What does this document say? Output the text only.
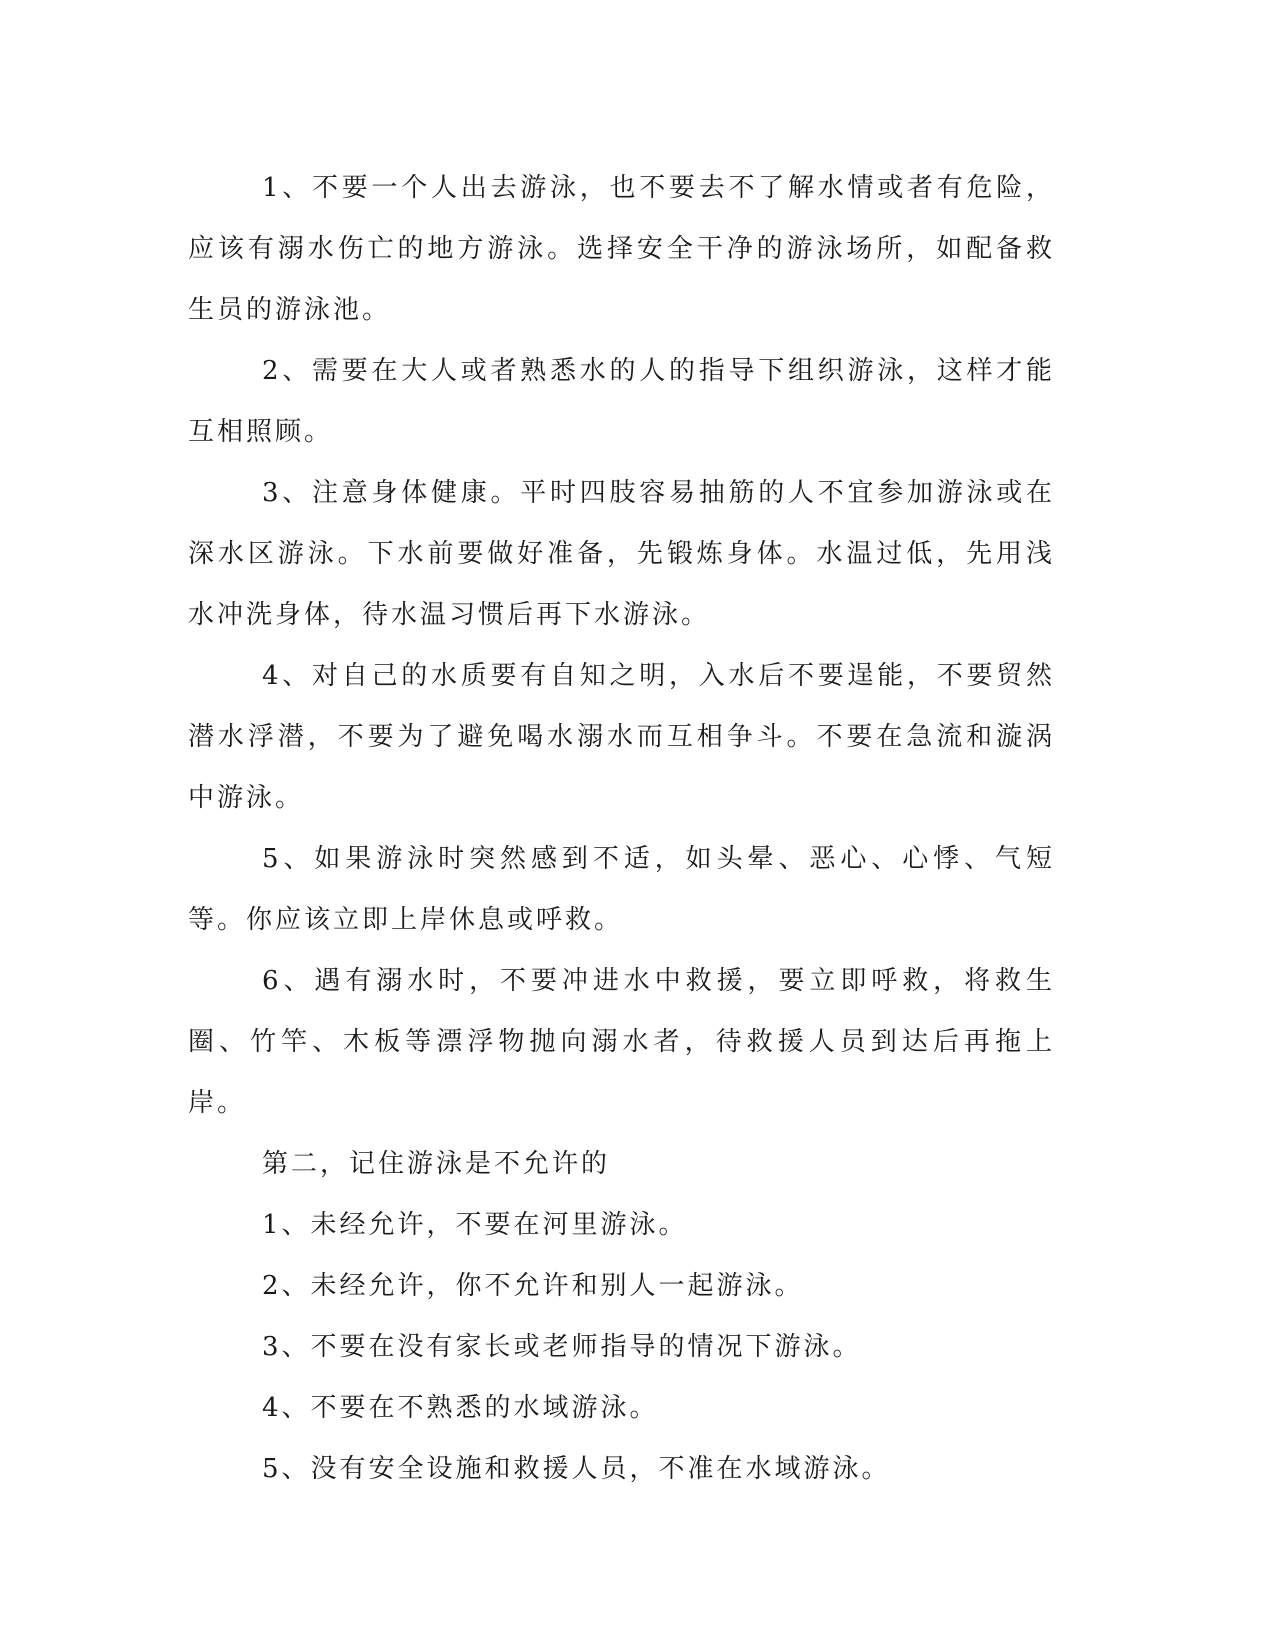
1、不要一个人出去游泳，也不要去不了解水情或者有危险，应该有溺水伤亡的地方游泳。选择安全干净的游泳场所，如配备救生员的游泳池。

2、需要在大人或者熟悉水的人的指导下组织游泳，这样才能互相照顾。

3、注意身体健康。平时四肢容易抽筋的人不宜参加游泳或在深水区游泳。下水前要做好准备，先锻炼身体。水温过低，先用浅水冲洗身体，待水温习惯后再下水游泳。

4、对自己的水质要有自知之明，入水后不要逞能，不要贸然潜水浮潜，不要为了避免喝水溺水而互相争斗。不要在急流和漩涡中游泳。

5、如果游泳时突然感到不适，如头晕、恶心、心悸、气短等。你应该立即上岸休息或呼救。

6、遇有溺水时，不要冲进水中救援，要立即呼救，将救生圈、竹竿、木板等漂浮物抛向溺水者，待救援人员到达后再拖上岸。

第二，记住游泳是不允许的

1、未经允许，不要在河里游泳。

2、未经允许，你不允许和别人一起游泳。

3、不要在没有家长或老师指导的情况下游泳。

4、不要在不熟悉的水域游泳。

5、没有安全设施和救援人员，不准在水域游泳。
